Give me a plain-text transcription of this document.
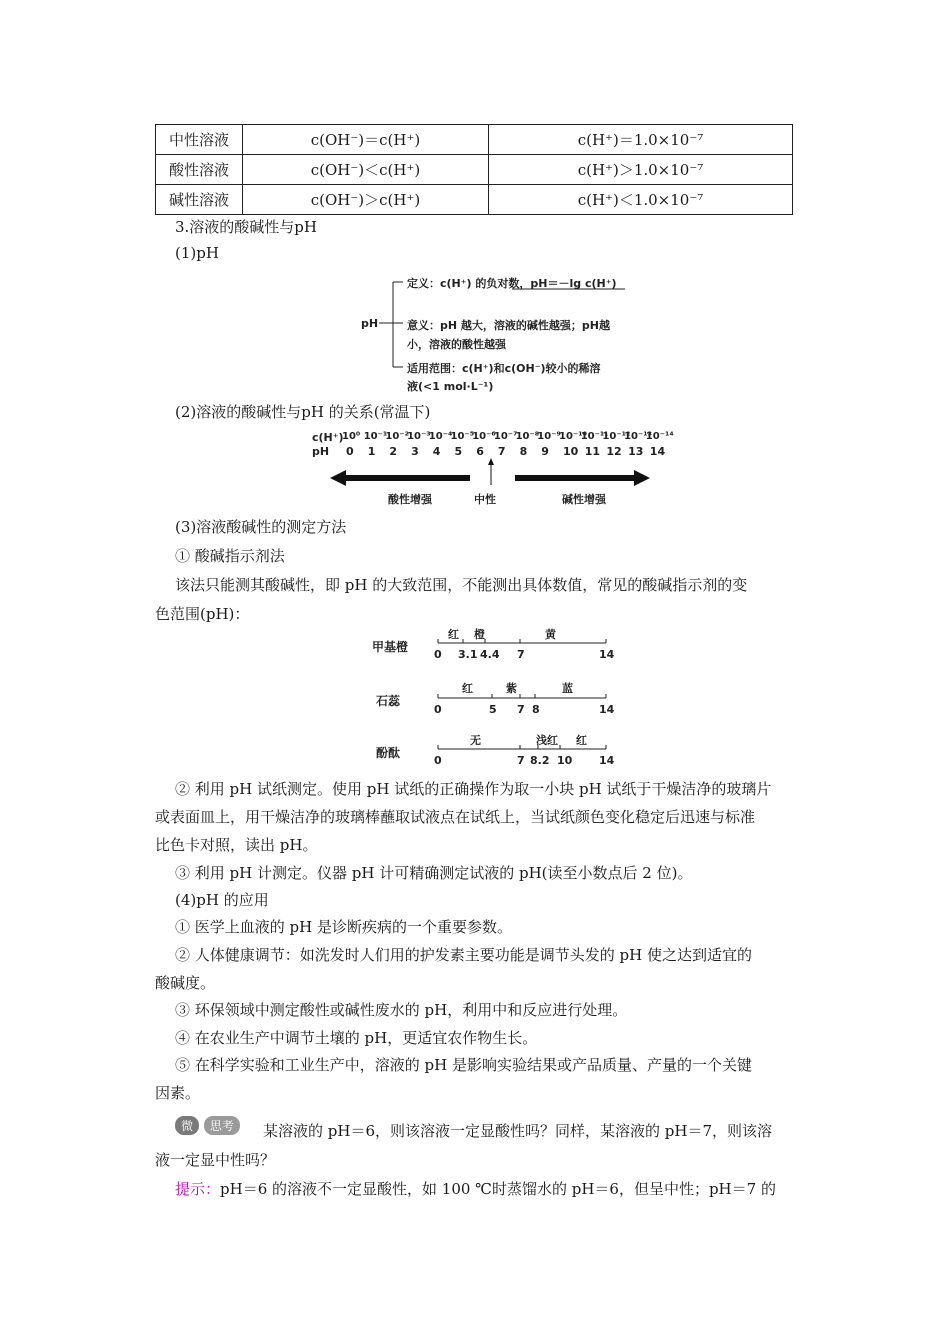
中性溶液	c(OH⁻)＝c(H⁺)	c(H⁺)＝1.0×10⁻⁷
酸性溶液	c(OH⁻)＜c(H⁺)	c(H⁺)＞1.0×10⁻⁷
碱性溶液	c(OH⁻)＞c(H⁺)	c(H⁺)＜1.0×10⁻⁷
3.溶液的酸碱性与pH
(1)pH
pH
定义：c(H⁺) 的负对数，pH＝－lg c(H⁺)
意义：pH 越大，溶液的碱性越强；pH越
小，溶液的酸性越强
适用范围：c(H⁺)和c(OH⁻)较小的稀溶
液(<1 mol·L⁻¹)
(2)溶液的酸碱性与pH 的关系(常温下)
c(H⁺)
pH
10⁰ 10⁻¹
10⁻²
10⁻³
10⁻⁴
10⁻⁵
10⁻⁶
10⁻⁷
10⁻⁸
10⁻⁹
10⁻¹⁰
10⁻¹¹
10⁻¹²
10⁻¹³
10⁻¹⁴
0 1 2 3 4 5 6 7 8 9 10 11 12 13 14
酸性增强	中性	碱性增强
(3)溶液酸碱性的测定方法
① 酸碱指示剂法
该法只能测其酸碱性，即 pH 的大致范围，不能测出具体数值，常见的酸碱指示剂的变
色范围(pH)：
甲基橙
红 橙	黄
0 3.1 4.4 7	14
石蕊
红	紫	蓝
0	5 7 8	14
酚酞
无	浅红 红
0	7 8.2 10 14
② 利用 pH 试纸测定。使用 pH 试纸的正确操作为取一小块 pH 试纸于干燥洁净的玻璃片
或表面皿上，用干燥洁净的玻璃棒蘸取试液点在试纸上，当试纸颜色变化稳定后迅速与标准
比色卡对照，读出 pH。
③ 利用 pH 计测定。仪器 pH 计可精确测定试液的 pH(读至小数点后 2 位)。
(4)pH 的应用
① 医学上血液的 pH 是诊断疾病的一个重要参数。
② 人体健康调节：如洗发时人们用的护发素主要功能是调节头发的 pH 使之达到适宜的
酸碱度。
③ 环保领域中测定酸性或碱性废水的 pH，利用中和反应进行处理。
④ 在农业生产中调节土壤的 pH，更适宜农作物生长。
⑤ 在科学实验和工业生产中，溶液的 pH 是影响实验结果或产品质量、产量的一个关键
因素。
微 思考	某溶液的 pH＝6，则该溶液一定显酸性吗？同样，某溶液的 pH＝7，则该溶
液一定显中性吗？
提示：pH＝6 的溶液不一定显酸性，如 100 ℃时蒸馏水的 pH＝6，但呈中性；pH＝7 的
